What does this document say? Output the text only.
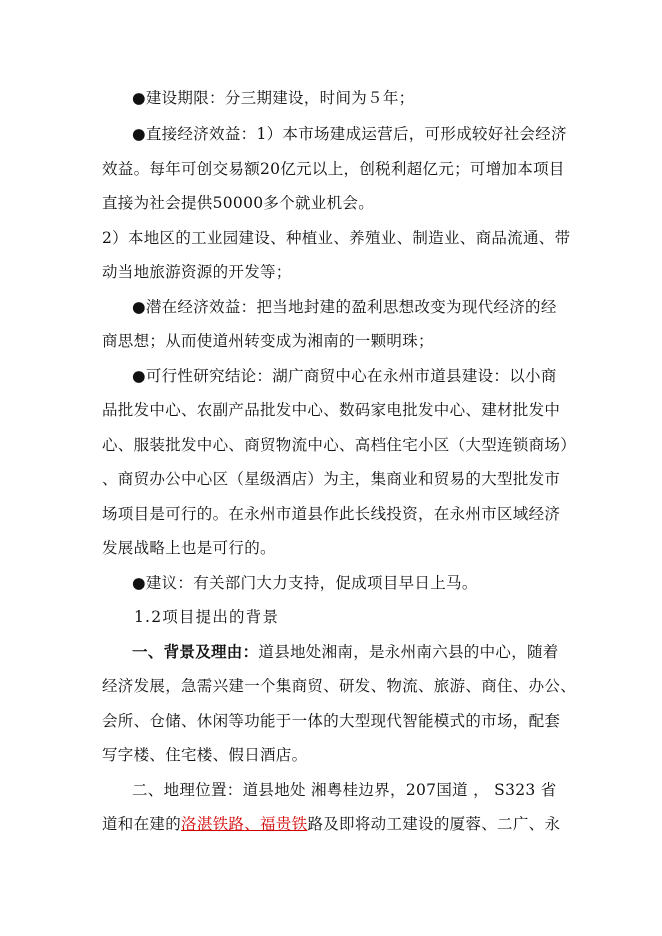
●建设期限：分三期建设，时间为５年；
●直接经济效益：1）本市场建成运营后，可形成较好社会经济
效益。每年可创交易额20亿元以上，创税利超亿元；可增加本项目
直接为社会提供50000多个就业机会。
2）本地区的工业园建设、种植业、养殖业、制造业、商品流通、带
动当地旅游资源的开发等；
●潜在经济效益：把当地封建的盈利思想改变为现代经济的经
商思想；从而使道州转变成为湘南的一颗明珠；
●可行性研究结论：湖广商贸中心在永州市道县建设：以小商
品批发中心、农副产品批发中心、数码家电批发中心、建材批发中
心、服装批发中心、商贸物流中心、高档住宅小区（大型连锁商场）
、商贸办公中心区（星级酒店）为主，集商业和贸易的大型批发市
场项目是可行的。在永州市道县作此长线投资，在永州市区域经济
发展战略上也是可行的。
●建议：有关部门大力支持，促成项目早日上马。
1.2项目提出的背景
一、背景及理由：道县地处湘南，是永州南六县的中心，随着
经济发展，急需兴建一个集商贸、研发、物流、旅游、商住、办公、
会所、仓储、休闲等功能于一体的大型现代智能模式的市场，配套
写字楼、住宅楼、假日酒店。
二、地理位置：道县地处 湘粤桂边界，207国道 ， S323 省
道和在建的洛湛铁路、福贵铁路及即将动工建设的厦蓉、二广、永
